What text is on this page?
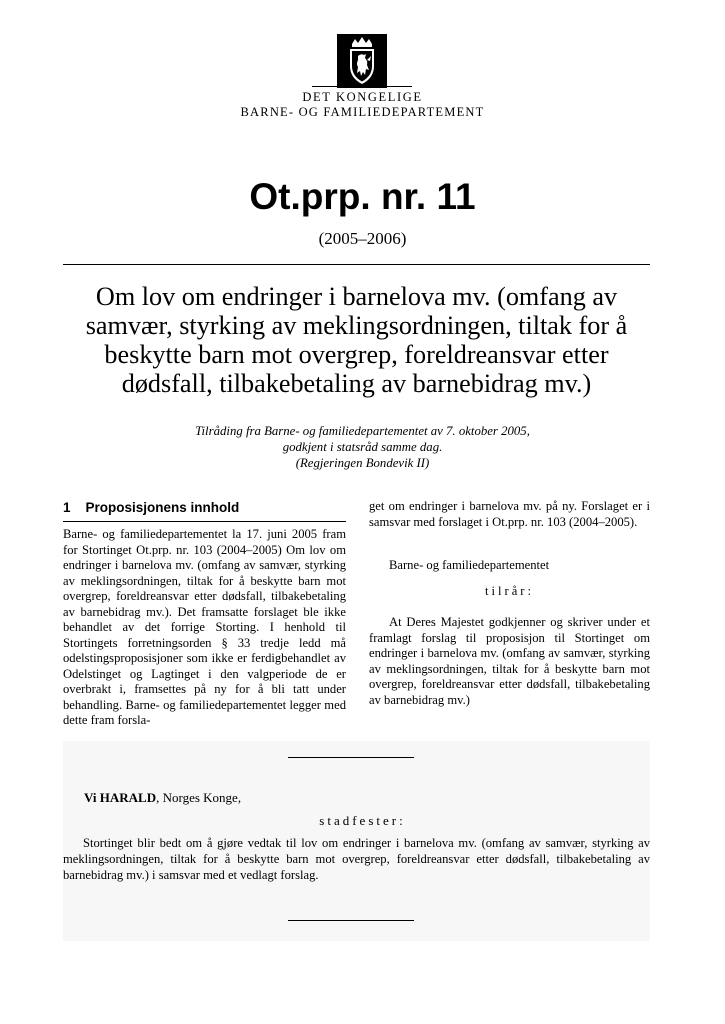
DET KONGELIGE
BARNE- OG FAMILIEDEPARTEMENT
Ot.prp. nr. 11
(2005–2006)
Om lov om endringer i barnelova mv. (omfang av samvær, styrking av meklingsordningen, tiltak for å beskytte barn mot overgrep, foreldreansvar etter dødsfall, tilbakebetaling av barnebidrag mv.)
Tilråding fra Barne- og familiedepartementet av 7. oktober 2005,
godkjent i statsråd samme dag.
(Regjeringen Bondevik II)
1    Proposisjonens innhold

Barne- og familiedepartementet la 17. juni 2005 fram for Stortinget Ot.prp. nr. 103 (2004–2005) Om lov om endringer i barnelova mv. (omfang av samvær, styrking av meklingsordningen, tiltak for å beskytte barn mot overgrep, foreldreansvar etter dødsfall, tilbakebetaling av barnebidrag mv.). Det framsatte forslaget ble ikke behandlet av det forrige Storting. I henhold til Stortingets forretningsorden § 33 tredje ledd må odelstingsproposisjoner som ikke er ferdigbehandlet av Odelstinget og Lagtinget i den valgperiode de er overbrakt i, framsettes på ny for å bli tatt under behandling. Barne- og familiedepartementet legger med dette fram forsla-

get om endringer i barnelova mv. på ny. Forslaget er i samsvar med forslaget i Ot.prp. nr. 103 (2004–2005).

Barne- og familiedepartementet

tilrår:

At Deres Majestet godkjenner og skriver under et framlagt forslag til proposisjon til Stortinget om endringer i barnelova mv. (omfang av samvær, styrking av meklingsordningen, tiltak for å beskytte barn mot overgrep, foreldreansvar etter dødsfall, tilbakebetaling av barnebidrag mv.)

Vi HARALD, Norges Konge,
stadfester:
Stortinget blir bedt om å gjøre vedtak til lov om endringer i barnelova mv. (omfang av samvær, styrking av meklingsordningen, tiltak for å beskytte barn mot overgrep, foreldreansvar etter dødsfall, tilbakebetaling av barnebidrag mv.) i samsvar med et vedlagt forslag.
